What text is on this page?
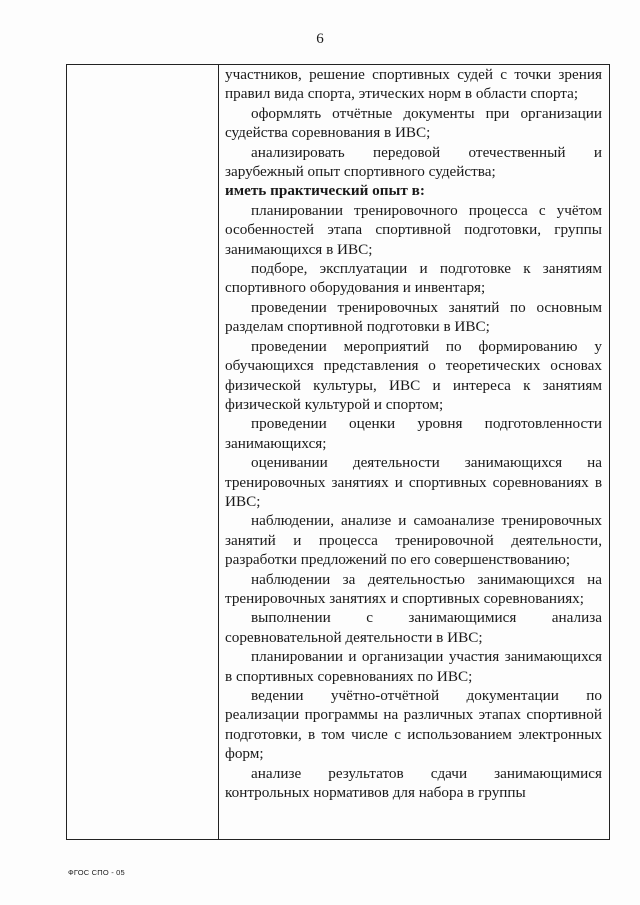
6

участников, решение спортивных судей с точки зрения правил вида спорта, этических норм в области спорта;

оформлять отчётные документы при организации судейства соревнования в ИВС;

анализировать передовой отечественный и зарубежный опыт спортивного судейства;

иметь практический опыт в:

планировании тренировочного процесса с учётом особенностей этапа спортивной подготовки, группы занимающихся в ИВС;

подборе, эксплуатации и подготовке к занятиям спортивного оборудования и инвентаря;

проведении тренировочных занятий по основным разделам спортивной подготовки в ИВС;

проведении мероприятий по формированию у обучающихся представления о теоретических основах физической культуры, ИВС и интереса к занятиям физической культурой и спортом;

проведении оценки уровня подготовленности занимающихся;

оценивании деятельности занимающихся на тренировочных занятиях и спортивных соревнованиях в ИВС;

наблюдении, анализе и самоанализе тренировочных занятий и процесса тренировочной деятельности, разработки предложений по его совершенствованию;

наблюдении за деятельностью занимающихся на тренировочных занятиях и спортивных соревнованиях;

выполнении с занимающимися анализа соревновательной деятельности в ИВС;

планировании и организации участия занимающихся в спортивных соревнованиях по ИВС;

ведении учётно-отчётной документации по реализации программы на различных этапах спортивной подготовки, в том числе с использованием электронных форм;

анализе результатов сдачи занимающимися контрольных нормативов для набора в группы

ФГОС СПО - 05
